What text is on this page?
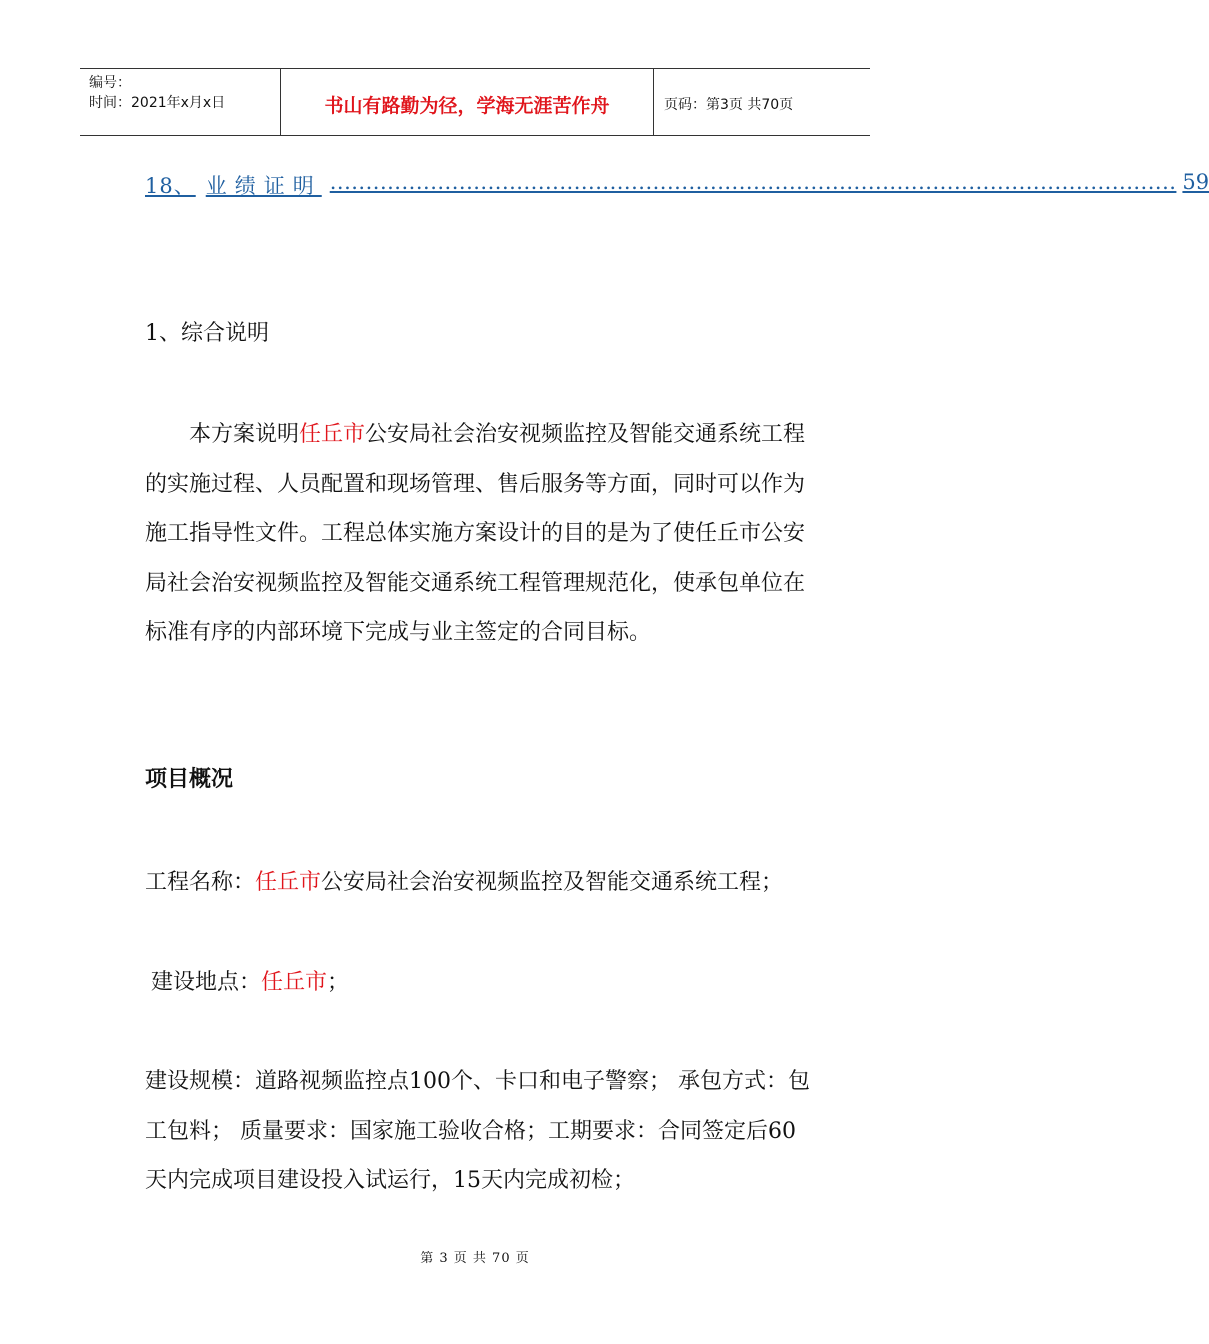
编号：
时间：2021年x月x日	书山有路勤为径，学海无涯苦作舟	页码：第3页 共70页
18、 业绩证明 ...................................................................................................................... 59
1、综合说明
本方案说明任丘市公安局社会治安视频监控及智能交通系统工程的实施过程、人员配置和现场管理、售后服务等方面，同时可以作为施工指导性文件。工程总体实施方案设计的目的是为了使任丘市公安局社会治安视频监控及智能交通系统工程管理规范化，使承包单位在标准有序的内部环境下完成与业主签定的合同目标。
项目概况
工程名称：任丘市公安局社会治安视频监控及智能交通系统工程；
建设地点：任丘市；
建设规模：道路视频监控点100个、卡口和电子警察； 承包方式：包工包料； 质量要求：国家施工验收合格；工期要求：合同签定后60天内完成项目建设投入试运行，15天内完成初检；
第 3 页 共 70 页
